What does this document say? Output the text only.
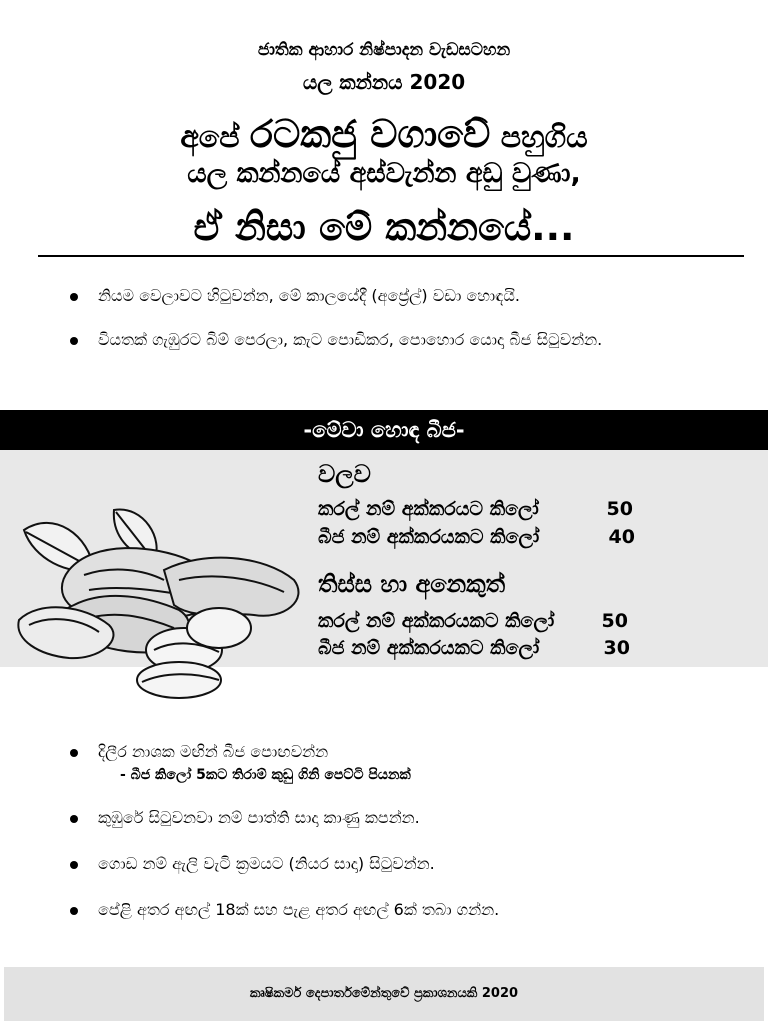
ජාතික ආහාර නිෂ්පාදන වැඩසටහන
යල කන්නය 2020
අපේ රටකජු වගාවේ පහුගිය
යල කන්නයේ අස්වැන්න අඩු වුණා,
ඒ නිසා මේ කන්නයේ...
නියම වෙලාවට හිටුවන්න, මේ කාලයේදී (අප්‍රේල්) වඩා හොඳයි.
වියතක් ගැඹුරට බිම් පෙරලා, කැට පොඩිකර, පොහොර යොදා බීජ සිටුවන්න.
-මේවා හොඳ බීජ-
වලව
කරල් නම් අක්කරයට කිලෝ	50
බීජ නම් අක්කරයකට කිලෝ	40
තිස්ස හා අනෙකුත්
කරල් නම් අක්කරයකට කිලෝ 50
බීජ නම් අක්කරයකට කිලෝ	30
දිලීර නාශක මඟින් බීජ පොඟවන්න
- බීජ කිලෝ 5කට තිරාම් කුඩු ගිනි පෙට්ටි පියනක්
කුඹුරේ සිටුවනවා නම් පාත්ති සාදා කාණු කපන්න.
ගොඩ නම් ඇලි වැටි ක්‍රමයට (නියර සාදා) සිටුවන්න.
පේළි අතර අඟල් 18ක් සහ පැළ අතර අඟල් 6ක් තබා ගන්න.
කෘෂිකර්ම දෙපාර්තමේන්තුවේ ප්‍රකාශනයකි 2020
